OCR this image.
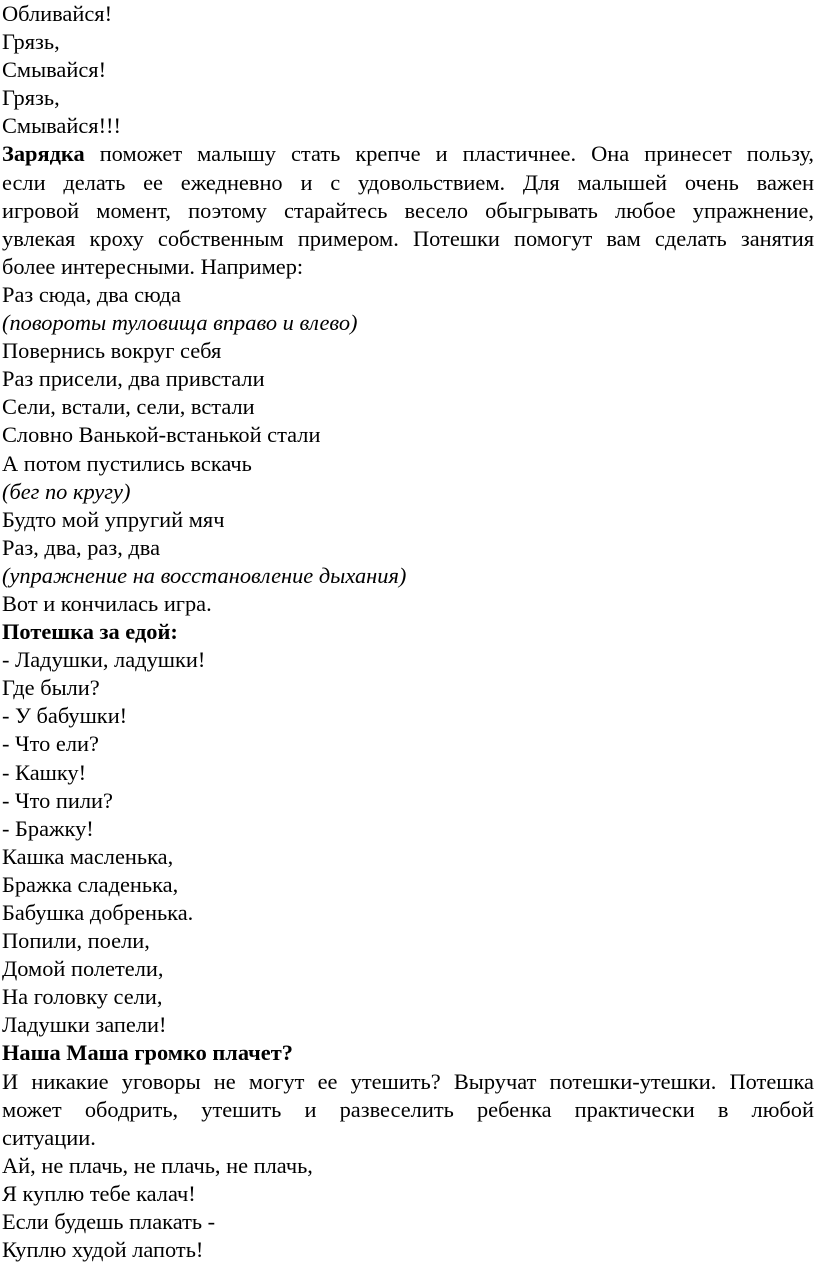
Обливайся!
Грязь,
Смывайся!
Грязь,
Смывайся!!!
Зарядка поможет малышу стать крепче и пластичнее. Она принесет пользу,
если делать ее ежедневно и с удовольствием. Для малышей очень важен
игровой момент, поэтому старайтесь весело обыгрывать любое упражнение,
увлекая кроху собственным примером. Потешки помогут вам сделать занятия
более интересными. Например:
Раз сюда, два сюда
(повороты туловища вправо и влево)
Повернись вокруг себя
Раз присели, два привстали
Сели, встали, сели, встали
Словно Ванькой-встанькой стали
А потом пустились вскачь
(бег по кругу)
Будто мой упругий мяч
Раз, два, раз, два
(упражнение на восстановление дыхания)
Вот и кончилась игра.
Потешка за едой:
- Ладушки, ладушки!
Где были?
- У бабушки!
- Что ели?
- Кашку!
- Что пили?
- Бражку!
Кашка масленька,
Бражка сладенька,
Бабушка добренька.
Попили, поели,
Домой полетели,
На головку сели,
Ладушки запели!
Наша Маша громко плачет?
И никакие уговоры не могут ее утешить? Выручат потешки-утешки. Потешка
может ободрить, утешить и развеселить ребенка практически в любой
ситуации.
Ай, не плачь, не плачь, не плачь,
Я куплю тебе калач!
Если будешь плакать -
Куплю худой лапоть!
